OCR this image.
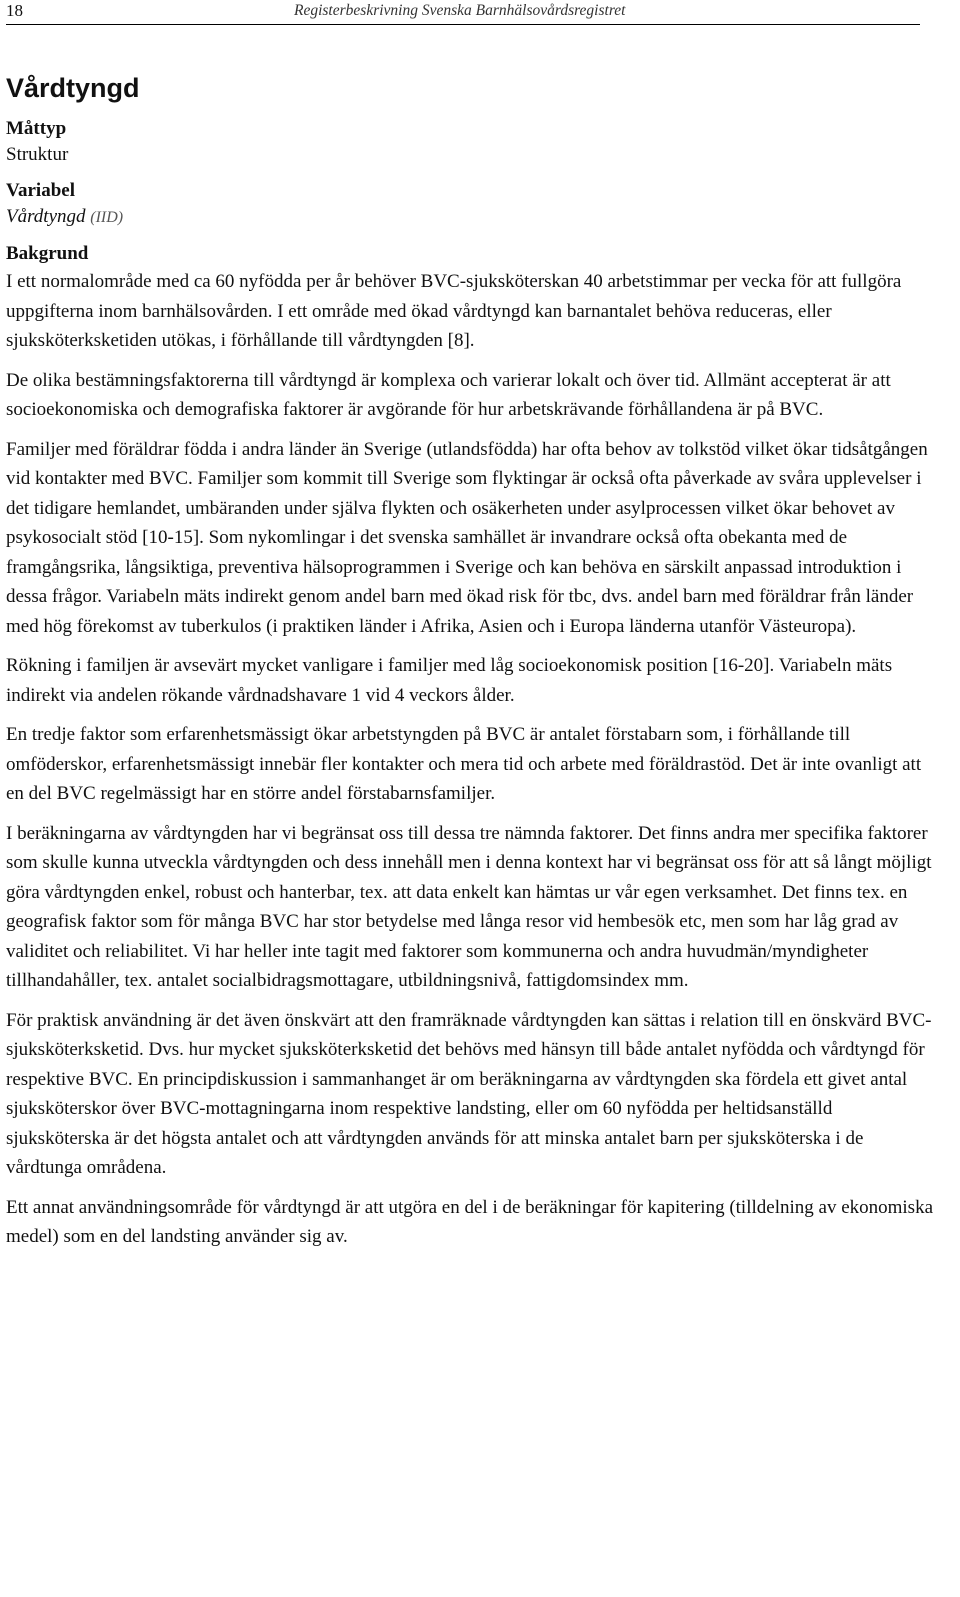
18	Registerbeskrivning Svenska Barnhälsovårdsregistret
Vårdtyngd

Måttyp

Struktur

Variabel

Vårdtyngd (IID)

Bakgrund

I ett normalområde med ca 60 nyfödda per år behöver BVC-sjuksköterskan 40 arbetstimmar per vecka för att fullgöra uppgifterna inom barnhälsovården. I ett område med ökad vårdtyngd kan barnantalet behöva reduceras, eller sjuksköterksketiden utökas, i förhållande till vårdtyngden [8].

De olika bestämningsfaktorerna till vårdtyngd är komplexa och varierar lokalt och över tid. Allmänt accepterat är att socioekonomiska och demografiska faktorer är avgörande för hur arbetskrävande förhållandena är på BVC.

Familjer med föräldrar födda i andra länder än Sverige (utlandsfödda) har ofta behov av tolkstöd vilket ökar tidsåtgången vid kontakter med BVC. Familjer som kommit till Sverige som flyktingar är också ofta påverkade av svåra upplevelser i det tidigare hemlandet, umbäranden under själva flykten och osäkerheten under asylprocessen vilket ökar behovet av psykosocialt stöd [10-15]. Som nykomlingar i det svenska samhället är invandrare också ofta obekanta med de framgångsrika, långsiktiga, preventiva hälsoprogrammen i Sverige och kan behöva en särskilt anpassad introduktion i dessa frågor. Variabeln mäts indirekt genom andel barn med ökad risk för tbc, dvs. andel barn med föräldrar från länder med hög förekomst av tuberkulos (i praktiken länder i Afrika, Asien och i Europa länderna utanför Västeuropa).

Rökning i familjen är avsevärt mycket vanligare i familjer med låg socioekonomisk position [16-20]. Variabeln mäts indirekt via andelen rökande vårdnadshavare 1 vid 4 veckors ålder.

En tredje faktor som erfarenhetsmässigt ökar arbetstyngden på BVC är antalet förstabarn som, i förhållande till omföderskor, erfarenhetsmässigt innebär fler kontakter och mera tid och arbete med föräldrastöd. Det är inte ovanligt att en del BVC regelmässigt har en större andel förstabarnsfamiljer.

I beräkningarna av vårdtyngden har vi begränsat oss till dessa tre nämnda faktorer. Det finns andra mer specifika faktorer som skulle kunna utveckla vårdtyngden och dess innehåll men i denna kontext har vi begränsat oss för att så långt möjligt göra vårdtyngden enkel, robust och hanterbar, tex. att data enkelt kan hämtas ur vår egen verksamhet. Det finns tex. en geografisk faktor som för många BVC har stor betydelse med långa resor vid hembesök etc, men som har låg grad av validitet och reliabilitet. Vi har heller inte tagit med faktorer som kommunerna och andra huvudmän/myndigheter tillhandahåller, tex. antalet socialbidragsmottagare, utbildningsnivå, fattigdomsindex mm.

För praktisk användning är det även önskvärt att den framräknade vårdtyngden kan sättas i relation till en önskvärd BVC-sjuksköterksketid. Dvs. hur mycket sjuksköterksketid det behövs med hänsyn till både antalet nyfödda och vårdtyngd för respektive BVC. En principdiskussion i sammanhanget är om beräkningarna av vårdtyngden ska fördela ett givet antal sjuksköterskor över BVC-mottagningarna inom respektive landsting, eller om 60 nyfödda per heltidsanställd sjuksköterska är det högsta antalet och att vårdtyngden används för att minska antalet barn per sjuksköterska i de vårdtunga områdena.

Ett annat användningsområde för vårdtyngd är att utgöra en del i de beräkningar för kapitering (tilldelning av ekonomiska medel) som en del landsting använder sig av.
